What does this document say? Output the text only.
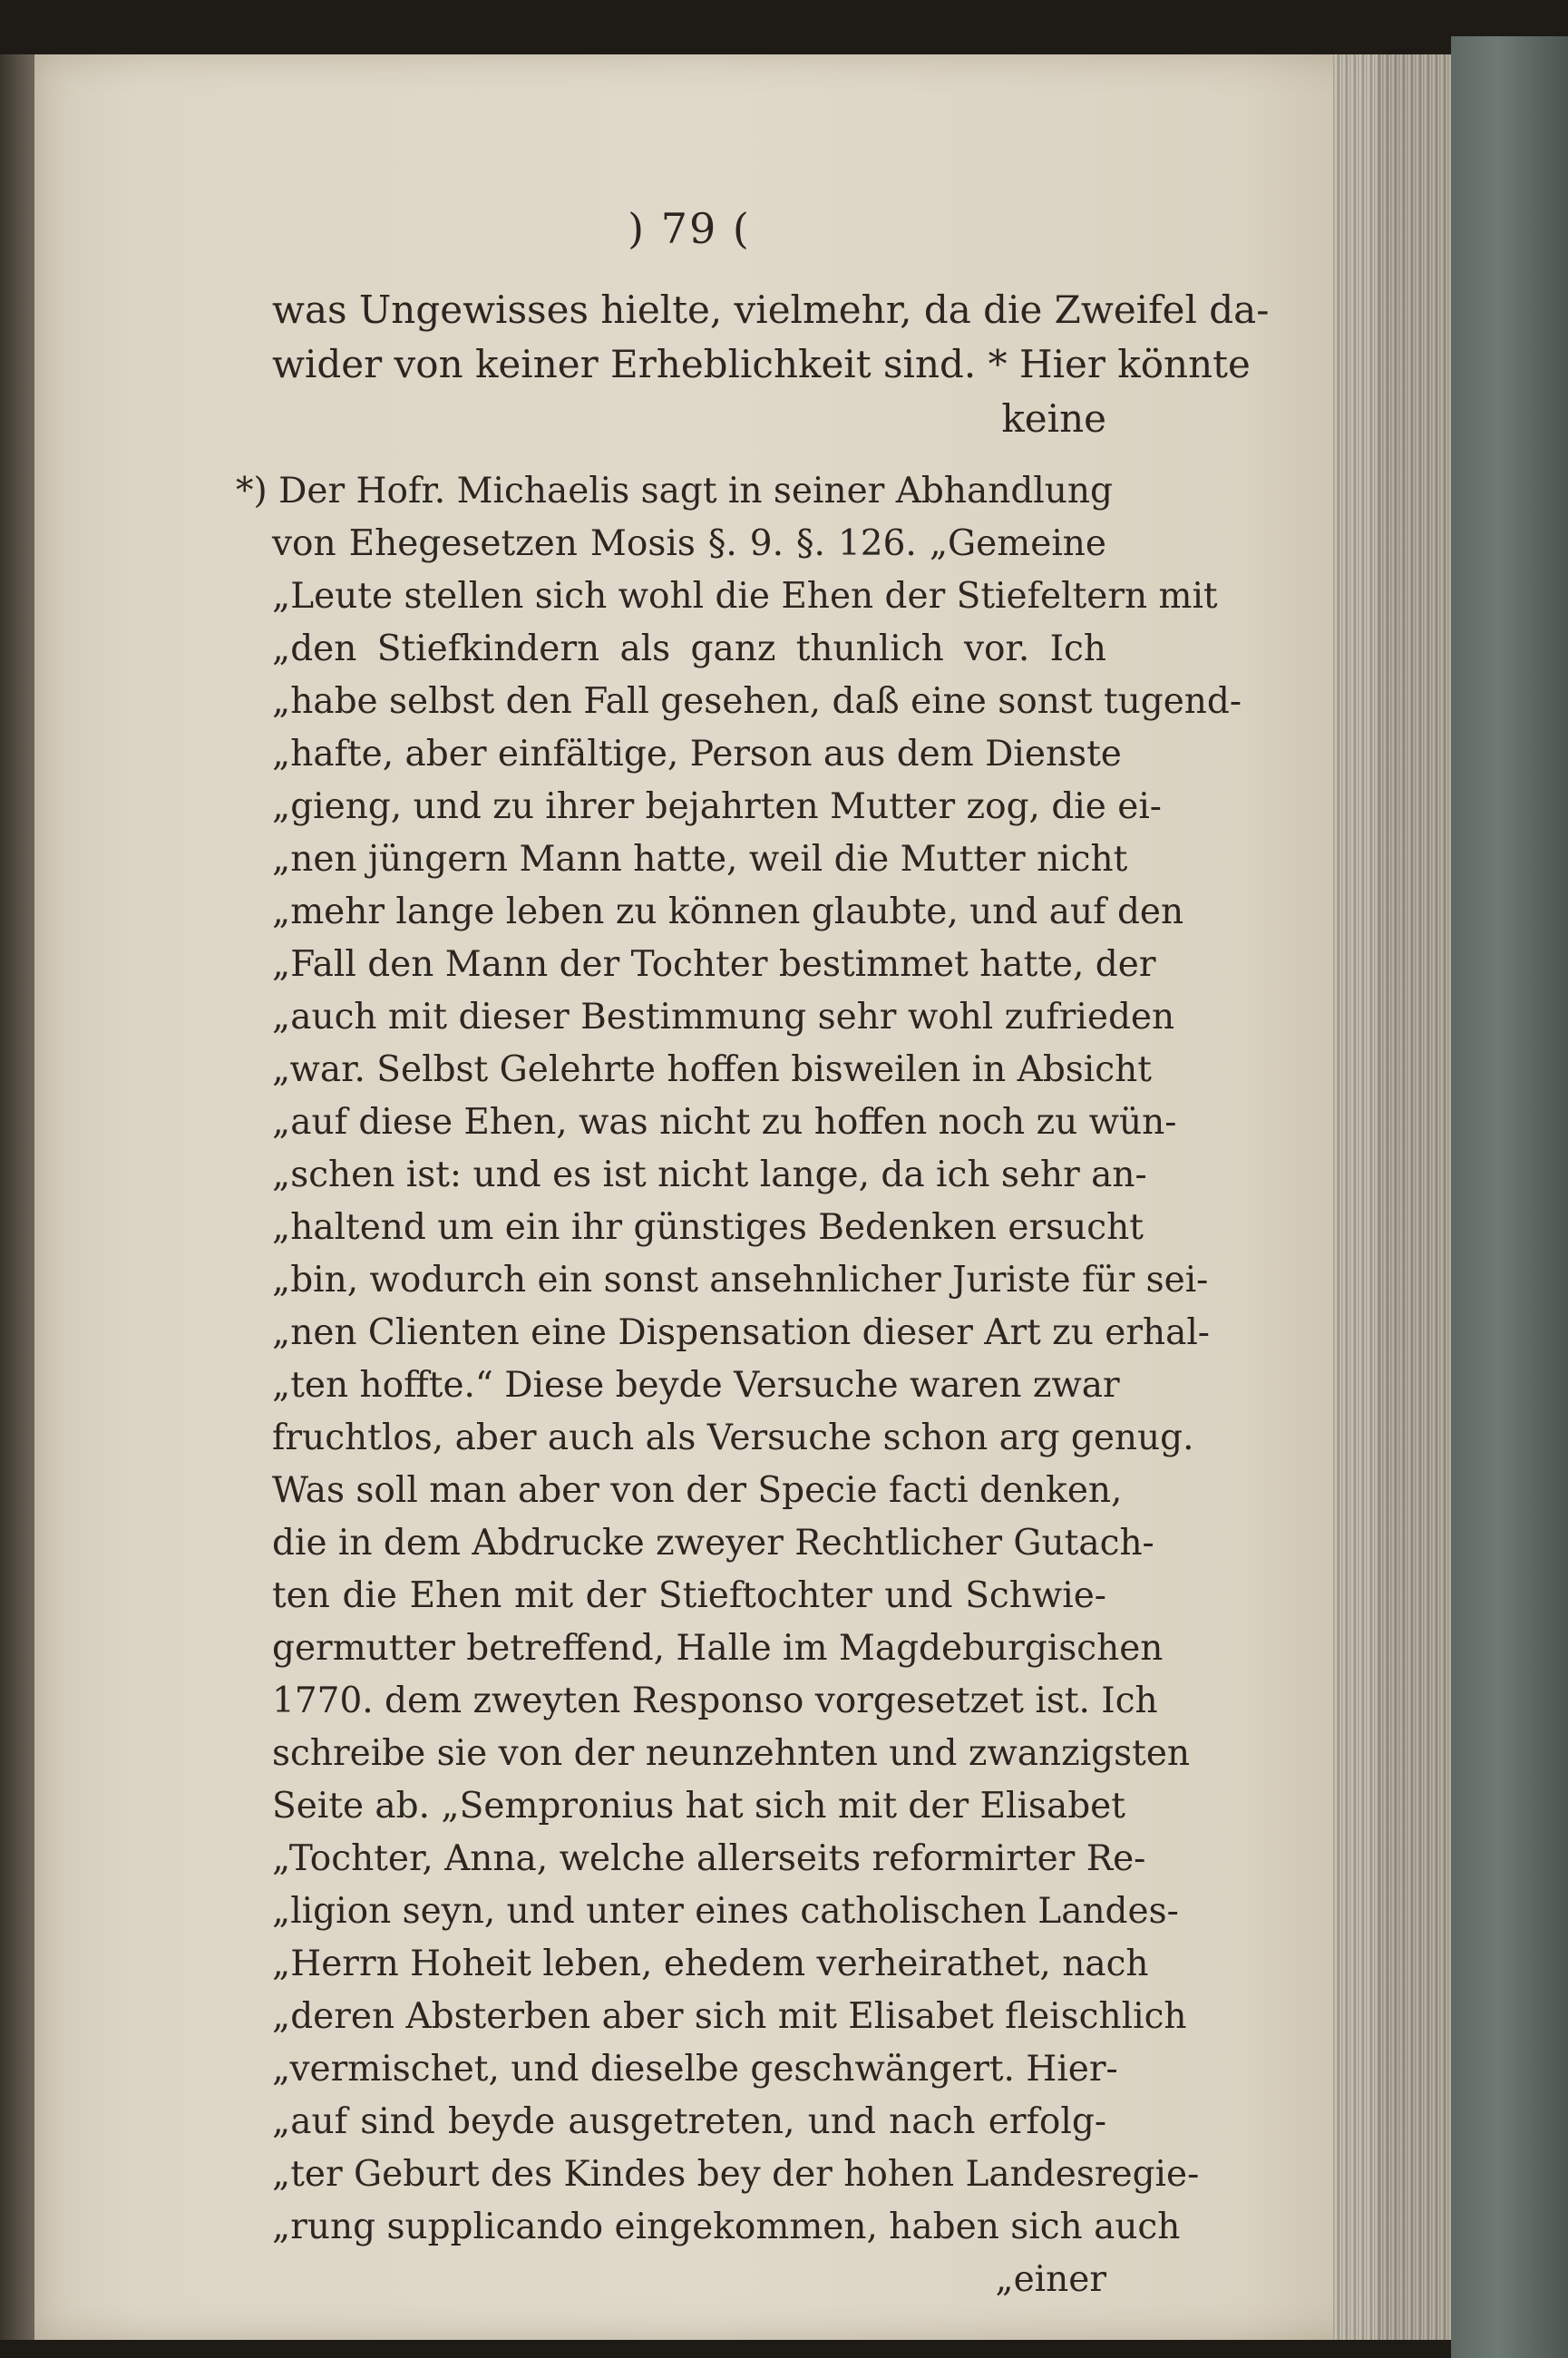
) 79 (
was Ungewisses hielte, vielmehr, da die Zweifel da-
wider von keiner Erheblichkeit sind. * Hier könnte
keine
*) Der Hofr. Michaelis sagt in seiner Abhandlung
von Ehegesetzen Mosis §. 9. §. 126. „Gemeine
„Leute stellen sich wohl die Ehen der Stiefeltern mit
„den Stiefkindern als ganz thunlich vor. Ich
„habe selbst den Fall gesehen, daß eine sonst tugend-
„hafte, aber einfältige, Person aus dem Dienste
„gieng, und zu ihrer bejahrten Mutter zog, die ei-
„nen jüngern Mann hatte, weil die Mutter nicht
„mehr lange leben zu können glaubte, und auf den
„Fall den Mann der Tochter bestimmet hatte, der
„auch mit dieser Bestimmung sehr wohl zufrieden
„war. Selbst Gelehrte hoffen bisweilen in Absicht
„auf diese Ehen, was nicht zu hoffen noch zu wün-
„schen ist: und es ist nicht lange, da ich sehr an-
„haltend um ein ihr günstiges Bedenken ersucht
„bin, wodurch ein sonst ansehnlicher Juriste für sei-
„nen Clienten eine Dispensation dieser Art zu erhal-
„ten hoffte.“ Diese beyde Versuche waren zwar
fruchtlos, aber auch als Versuche schon arg genug.
Was soll man aber von der Specie facti denken,
die in dem Abdrucke zweyer Rechtlicher Gutach-
ten die Ehen mit der Stieftochter und Schwie-
germutter betreffend, Halle im Magdeburgischen
1770. dem zweyten Responso vorgesetzet ist. Ich
schreibe sie von der neunzehnten und zwanzigsten
Seite ab. „Sempronius hat sich mit der Elisabet
„Tochter, Anna, welche allerseits reformirter Re-
„ligion seyn, und unter eines catholischen Landes-
„Herrn Hoheit leben, ehedem verheirathet, nach
„deren Absterben aber sich mit Elisabet fleischlich
„vermischet, und dieselbe geschwängert. Hier-
„auf sind beyde ausgetreten, und nach erfolg-
„ter Geburt des Kindes bey der hohen Landesregie-
„rung supplicando eingekommen, haben sich auch
„einer
